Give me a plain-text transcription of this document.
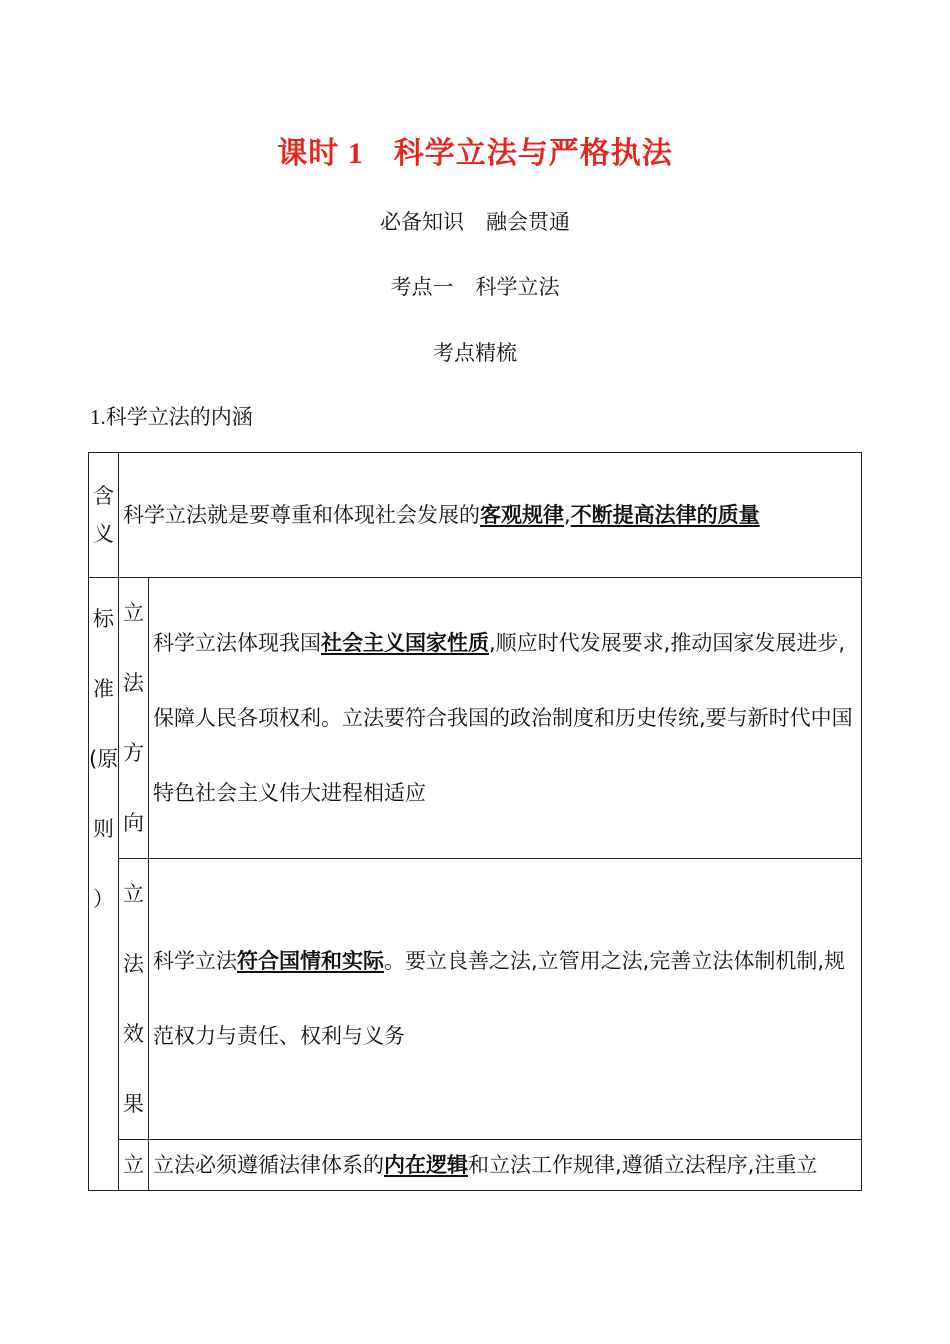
课时 1 科学立法与严格执法
必备知识 融会贯通
考点一 科学立法
考点精梳
1.科学立法的内涵
含
义	科学立法就是要尊重和体现社会发展的客观规律,不断提高法律的质量	

标
准
(原
则
）	立
法
方
向	科学立法体现我国社会主义国家性质,顺应时代发展要求,推动国家发展进步,保障人民各项权利。立法要符合我国的政治制度和历史传统,要与新时代中国特色社会主义伟大进程相适应

	立
法
效
果	科学立法符合国情和实际。要立良善之法,立管用之法,完善立法体制机制,规范权力与责任、权利与义务

	立	立法必须遵循法律体系的内在逻辑和立法工作规律,遵循立法程序,注重立
